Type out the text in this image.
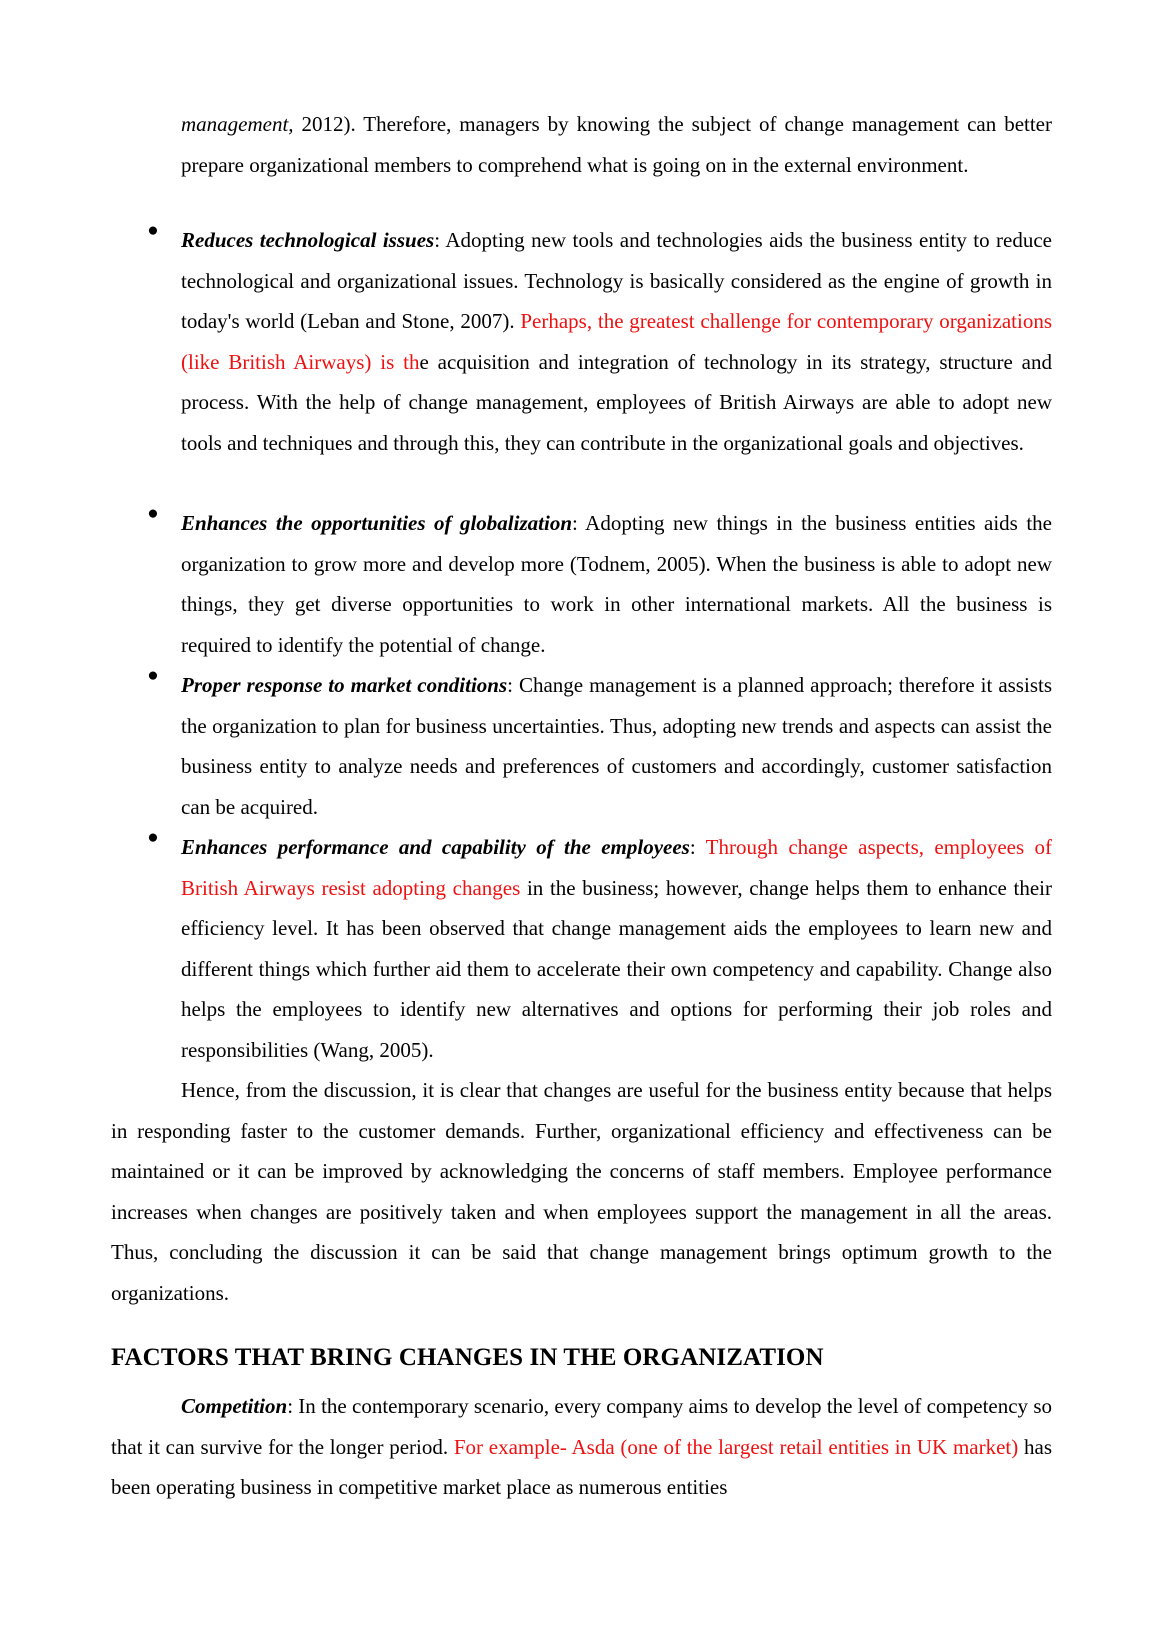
management, 2012). Therefore, managers by knowing the subject of change management can better prepare organizational members to comprehend what is going on in the external environment.

● Reduces technological issues: Adopting new tools and technologies aids the business entity to reduce technological and organizational issues. Technology is basically considered as the engine of growth in today's world (Leban and Stone, 2007). Perhaps, the greatest challenge for contemporary organizations (like British Airways) is the acquisition and integration of technology in its strategy, structure and process. With the help of change management, employees of British Airways are able to adopt new tools and techniques and through this, they can contribute in the organizational goals and objectives.

● Enhances the opportunities of globalization: Adopting new things in the business entities aids the organization to grow more and develop more (Todnem, 2005). When the business is able to adopt new things, they get diverse opportunities to work in other international markets. All the business is required to identify the potential of change.

● Proper response to market conditions: Change management is a planned approach; therefore it assists the organization to plan for business uncertainties. Thus, adopting new trends and aspects can assist the business entity to analyze needs and preferences of customers and accordingly, customer satisfaction can be acquired.

● Enhances performance and capability of the employees: Through change aspects, employees of British Airways resist adopting changes in the business; however, change helps them to enhance their efficiency level. It has been observed that change management aids the employees to learn new and different things which further aid them to accelerate their own competency and capability. Change also helps the employees to identify new alternatives and options for performing their job roles and responsibilities (Wang, 2005).

Hence, from the discussion, it is clear that changes are useful for the business entity because that helps in responding faster to the customer demands. Further, organizational efficiency and effectiveness can be maintained or it can be improved by acknowledging the concerns of staff members. Employee performance increases when changes are positively taken and when employees support the management in all the areas. Thus, concluding the discussion it can be said that change management brings optimum growth to the organizations.

FACTORS THAT BRING CHANGES IN THE ORGANIZATION

Competition: In the contemporary scenario, every company aims to develop the level of competency so that it can survive for the longer period. For example- Asda (one of the largest retail entities in UK market) has been operating business in competitive market place as numerous entities
